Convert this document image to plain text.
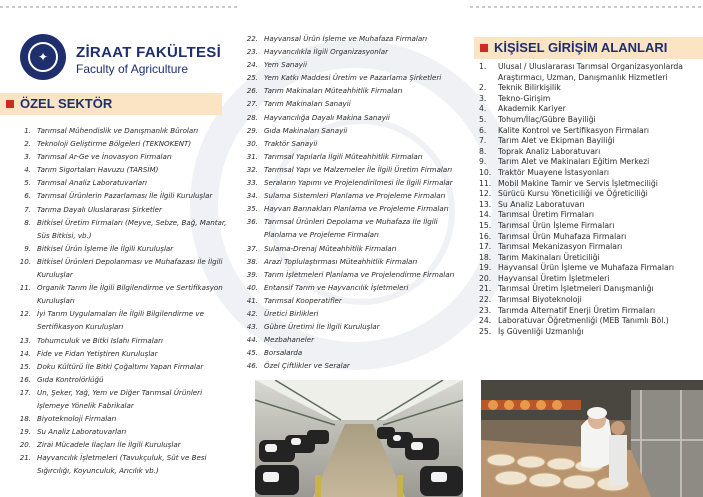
✦	ZİRAAT FAKÜLTESİ
Faculty of Agriculture
ÖZEL SEKTÖR
1. Tarımsal Mühendislik ve Danışmanlık Büroları
2. Teknoloji Geliştirme Bölgeleri (TEKNOKENT)
3. Tarımsal Ar-Ge ve İnovasyon Firmaları
4. Tarım Sigortaları Havuzu (TARSİM)
5. Tarımsal Analiz Laboratuvarları
6. Tarımsal Ürünlerin Pazarlaması İle İlgili Kuruluşlar
7. Tarıma Dayalı Uluslararası Şirketler
8. Bitkisel Üretim Firmaları (Meyve, Sebze, Bağ, Mantar, Süs Bitkisi, vb.)
9. Bitkisel Ürün İşleme İle İlgili Kuruluşlar
10. Bitkisel Ürünleri Depolanması ve Muhafazası İle İlgili Kuruluşlar
11. Organik Tarım İle İlgili Bilgilendirme ve Sertifikasyon Kuruluşları
12. İyi Tarım Uygulamaları İle İlgili Bilgilendirme ve Sertifikasyon Kuruluşları
13. Tohumculuk ve Bitki Islahı Firmaları
14. Fide ve Fidan Yetiştiren Kuruluşlar
15. Doku Kültürü İle Bitki Çoğaltımı Yapan Firmalar
16. Gıda Kontrolörlüğü
17. Un, Şeker, Yağ, Yem ve Diğer Tarımsal Ürünleri İşlemeye Yönelik Fabrikalar
18. Biyoteknoloji Firmaları
19. Su Analiz Laboratuvarları
20. Zirai Mücadele İlaçları İle İlgili Kuruluşlar
21. Hayvancılık İşletmeleri (Tavukçuluk, Süt ve Besi Sığırcılığı, Koyunculuk, Arıcılık vb.)
22. Hayvansal Ürün İşleme ve Muhafaza Firmaları
23. Hayvancılıkla İlgili Organizasyonlar
24. Yem Sanayii
25. Yem Katkı Maddesi Üretim ve Pazarlama Şirketleri
26. Tarım Makinaları Müteahhitlik Firmaları
27. Tarım Makinaları Sanayii
28. Hayvancılığa Dayalı Makina Sanayii
29. Gıda Makinaları Sanayii
30. Traktör Sanayii
31. Tarımsal Yapılarla İlgili Müteahhitlik Firmaları
32. Tarımsal Yapı ve Malzemeler İle İlgili Üretim Firmaları
33. Seraların Yapımı ve Projelendirilmesi İle İlgili Firmalar
34. Sulama Sistemleri Planlama ve Projeleme Firmaları
35. Hayvan Barınakları Planlama ve Projeleme Firmaları
36. Tarımsal Ürünleri Depolama ve Muhafaza İle İlgili Planlama ve Projeleme Firmaları
37. Sulama-Drenaj Müteahhitlik Firmaları
38. Arazi Toplulaştırması Müteahhitlik Firmaları
39. Tarım İşletmeleri Planlama ve Projelendirme Firmaları
40. Entansif Tarım ve Hayvancılık İşletmeleri
41. Tarımsal Kooperatifler
42. Üretici Birlikleri
43. Gübre Üretimi İle İlgili Kuruluşlar
44. Mezbahaneler
45. Borsalarda
46. Özel Çiftlikler ve Seralar
KİŞİSEL GİRİŞİM ALANLARI
1.	Ulusal / Uluslararası Tarımsal Organizasyonlarda Araştırmacı, Uzman, Danışmanlık Hizmetleri
2.	Teknik Bilirkişilik
3.	Tekno-Girişim
4.	Akademik Kariyer
5.	Tohum/İlaç/Gübre Bayiliği
6.	Kalite Kontrol ve Sertifikasyon Firmaları
7.	Tarım Alet ve Ekipman Bayiliği
8.	Toprak Analiz Laboratuvarı
9.	Tarım Alet ve Makinaları Eğitim Merkezi
10. Traktör Muayene İstasyonları
11. Mobil Makine Tamir ve Servis İşletmeciliği
12. Sürücü Kursu Yöneticiliği ve Öğreticiliği
13. Su Analiz Laboratuvarı
14. Tarımsal Üretim Firmaları
15. Tarımsal Ürün İşleme Firmaları
16. Tarımsal Ürün Muhafaza Firmaları
17. Tarımsal Mekanizasyon Firmaları
18. Tarım Makinaları Üreticiliği
19. Hayvansal Ürün İşleme ve Muhafaza Firmaları
20. Hayvansal Üretim İşletmeleri
21. Tarımsal Üretim İşletmeleri Danışmanlığı
22. Tarımsal Biyoteknoloji
23. Tarımda Alternatif Enerji Üretim Firmaları
24. Laboratuvar Öğretmenliği (MEB Tanımlı Böl.)
25. İş Güvenliği Uzmanlığı
